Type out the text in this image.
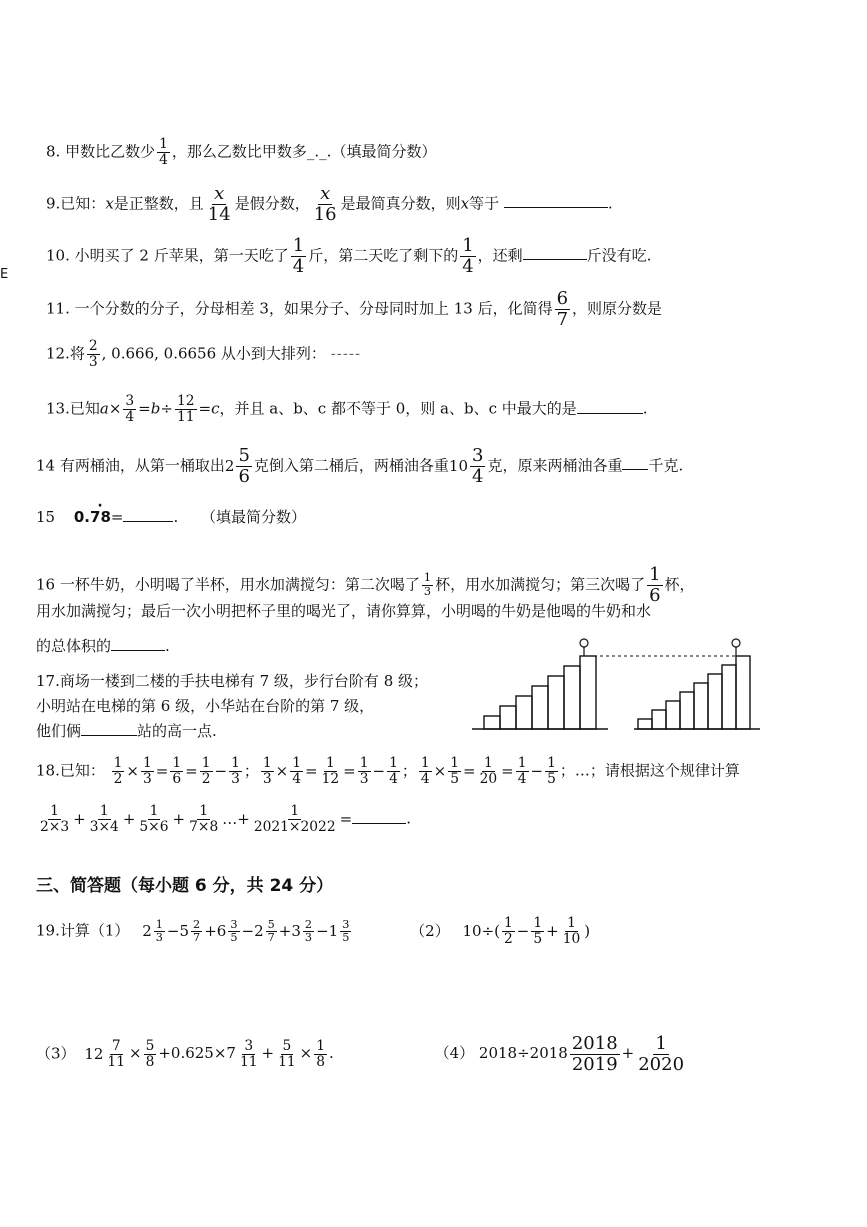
E
8. 甲数比乙数少 $\frac{1}{4}$ ，那么乙数比甲数多_._.（填最简分数）
9.已知：x是正整数，且 $\frac{x}{14}$ 是假分数， $\frac{x}{16}$ 是最简真分数，则x等于	.
10. 小明买了 2 斤苹果，第一天吃了 $\frac{1}{4}$ 斤，第二天吃了剩下的 $\frac{1}{4}$ ，还剩	斤没有吃.
11. 一个分数的分子，分母相差 3，如果分子、分母同时加上 13 后，化简得 $\frac{6}{7}$ ，则原分数是
12.将 $\frac{2}{3}$ , 0.666, 0.6656 从小到大排列： -----
13.已知$a\times \frac{3}{4} =b\div \frac{12}{11} =c$，并且 a、b、c 都不等于 0，则 a、b、c 中最大的是	.
14 有两桶油，从第一桶取出 $2 \frac{5}{6}$ 克倒入第二桶后，两桶油各重 $10 \frac{3}{4}$ 克，原来两桶油各重 千克.
15 0.· 78=	. （填最简分数）
16 一杯牛奶，小明喝了半杯，用水加满搅匀：第二次喝了 $\frac{1}{3}$ 杯，用水加满搅匀；第三次喝了 $\frac{1}{6}$ 杯，
用水加满搅匀；最后一次小明把杯子里的喝光了，请你算算，小明喝的牛奶是他喝的牛奶和水
的总体积的	.
17.商场一楼到二楼的手扶电梯有 7 级，步行台阶有 8 级；
小明站在电梯的第 6 级，小华站在台阶的第 7 级，
他们俩	站的高一点.
18.已知： $\frac{1}{2} \times \frac{1}{3} = \frac{1}{6} = \frac{1}{2} - \frac{1}{3}$ ； $\frac{1}{3} \times \frac{1}{4} = \frac{1}{12} = \frac{1}{3} - \frac{1}{4}$ ； $\frac{1}{4} \times \frac{1}{5} = \frac{1}{20} = \frac{1}{4} - \frac{1}{5}$ ；…；请根据这个规律计算
$\frac{1}{2\times 3} + \frac{1}{3\times 4} + \frac{1}{5\times 6} + \frac{1}{7\times 8}$ …+ $\frac{1}{2021\times 2022}$ =	.
三、简答题（每小题 6 分，共 24 分）
19.计算（1） $2 \frac{1}{3} - 5 \frac{2}{7} + 6 \frac{3}{5} - 2 \frac{5}{7} + 3 \frac{2}{3} - 1 \frac{3}{5}$	（2） $10\div( \frac{1}{2} - \frac{1}{5} + \frac{1}{10}$ )
（3） $12 \frac{7}{11} \times \frac{5}{8} +0.625\times 7 \frac{3}{11} + \frac{5}{11} \times \frac{1}{8}$ .	（4） $2018\div 2018 \frac{2018}{2019} + \frac{1}{2020}$
